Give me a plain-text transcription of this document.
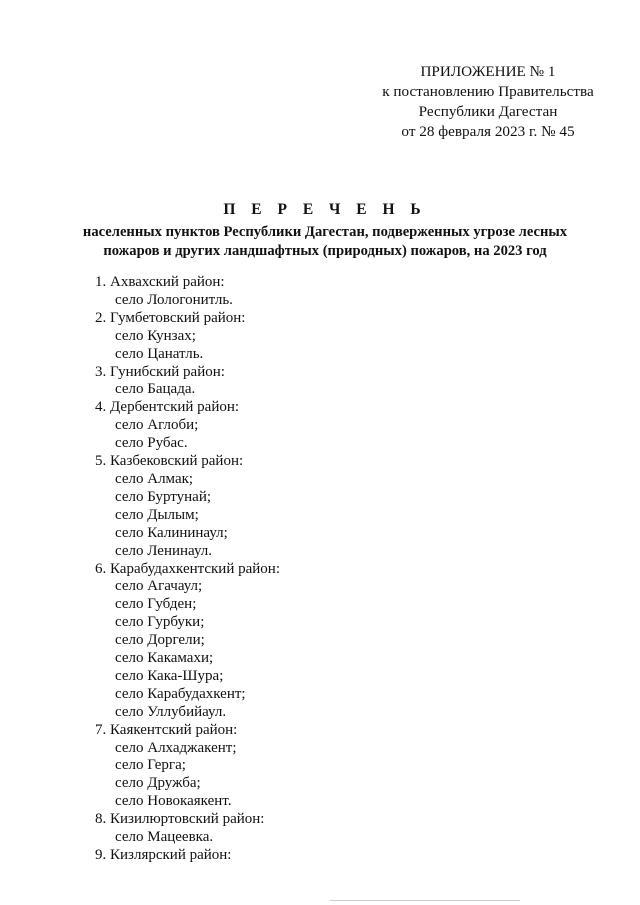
ПРИЛОЖЕНИЕ № 1
к постановлению Правительства
Республики Дагестан
от 28 февраля 2023 г. № 45
П Е Р Е Ч Е Н Ь
населенных пунктов Республики Дагестан, подверженных угрозе лесных
пожаров и других ландшафтных (природных) пожаров, на 2023 год
1. Ахвахский район:
село Лологонитль.
2. Гумбетовский район:
село Кунзах;
село Цанатль.
3. Гунибский район:
село Бацада.
4. Дербентский район:
село Аглоби;
село Рубас.
5. Казбековский район:
село Алмак;
село Буртунай;
село Дылым;
село Калининаул;
село Ленинаул.
6. Карабудахкентский район:
село Агачаул;
село Губден;
село Гурбуки;
село Доргели;
село Какамахи;
село Кака-Шура;
село Карабудахкент;
село Уллубийаул.
7. Каякентский район:
село Алхаджакент;
село Герга;
село Дружба;
село Новокаякент.
8. Кизилюртовский район:
село Мацеевка.
9. Кизлярский район:
